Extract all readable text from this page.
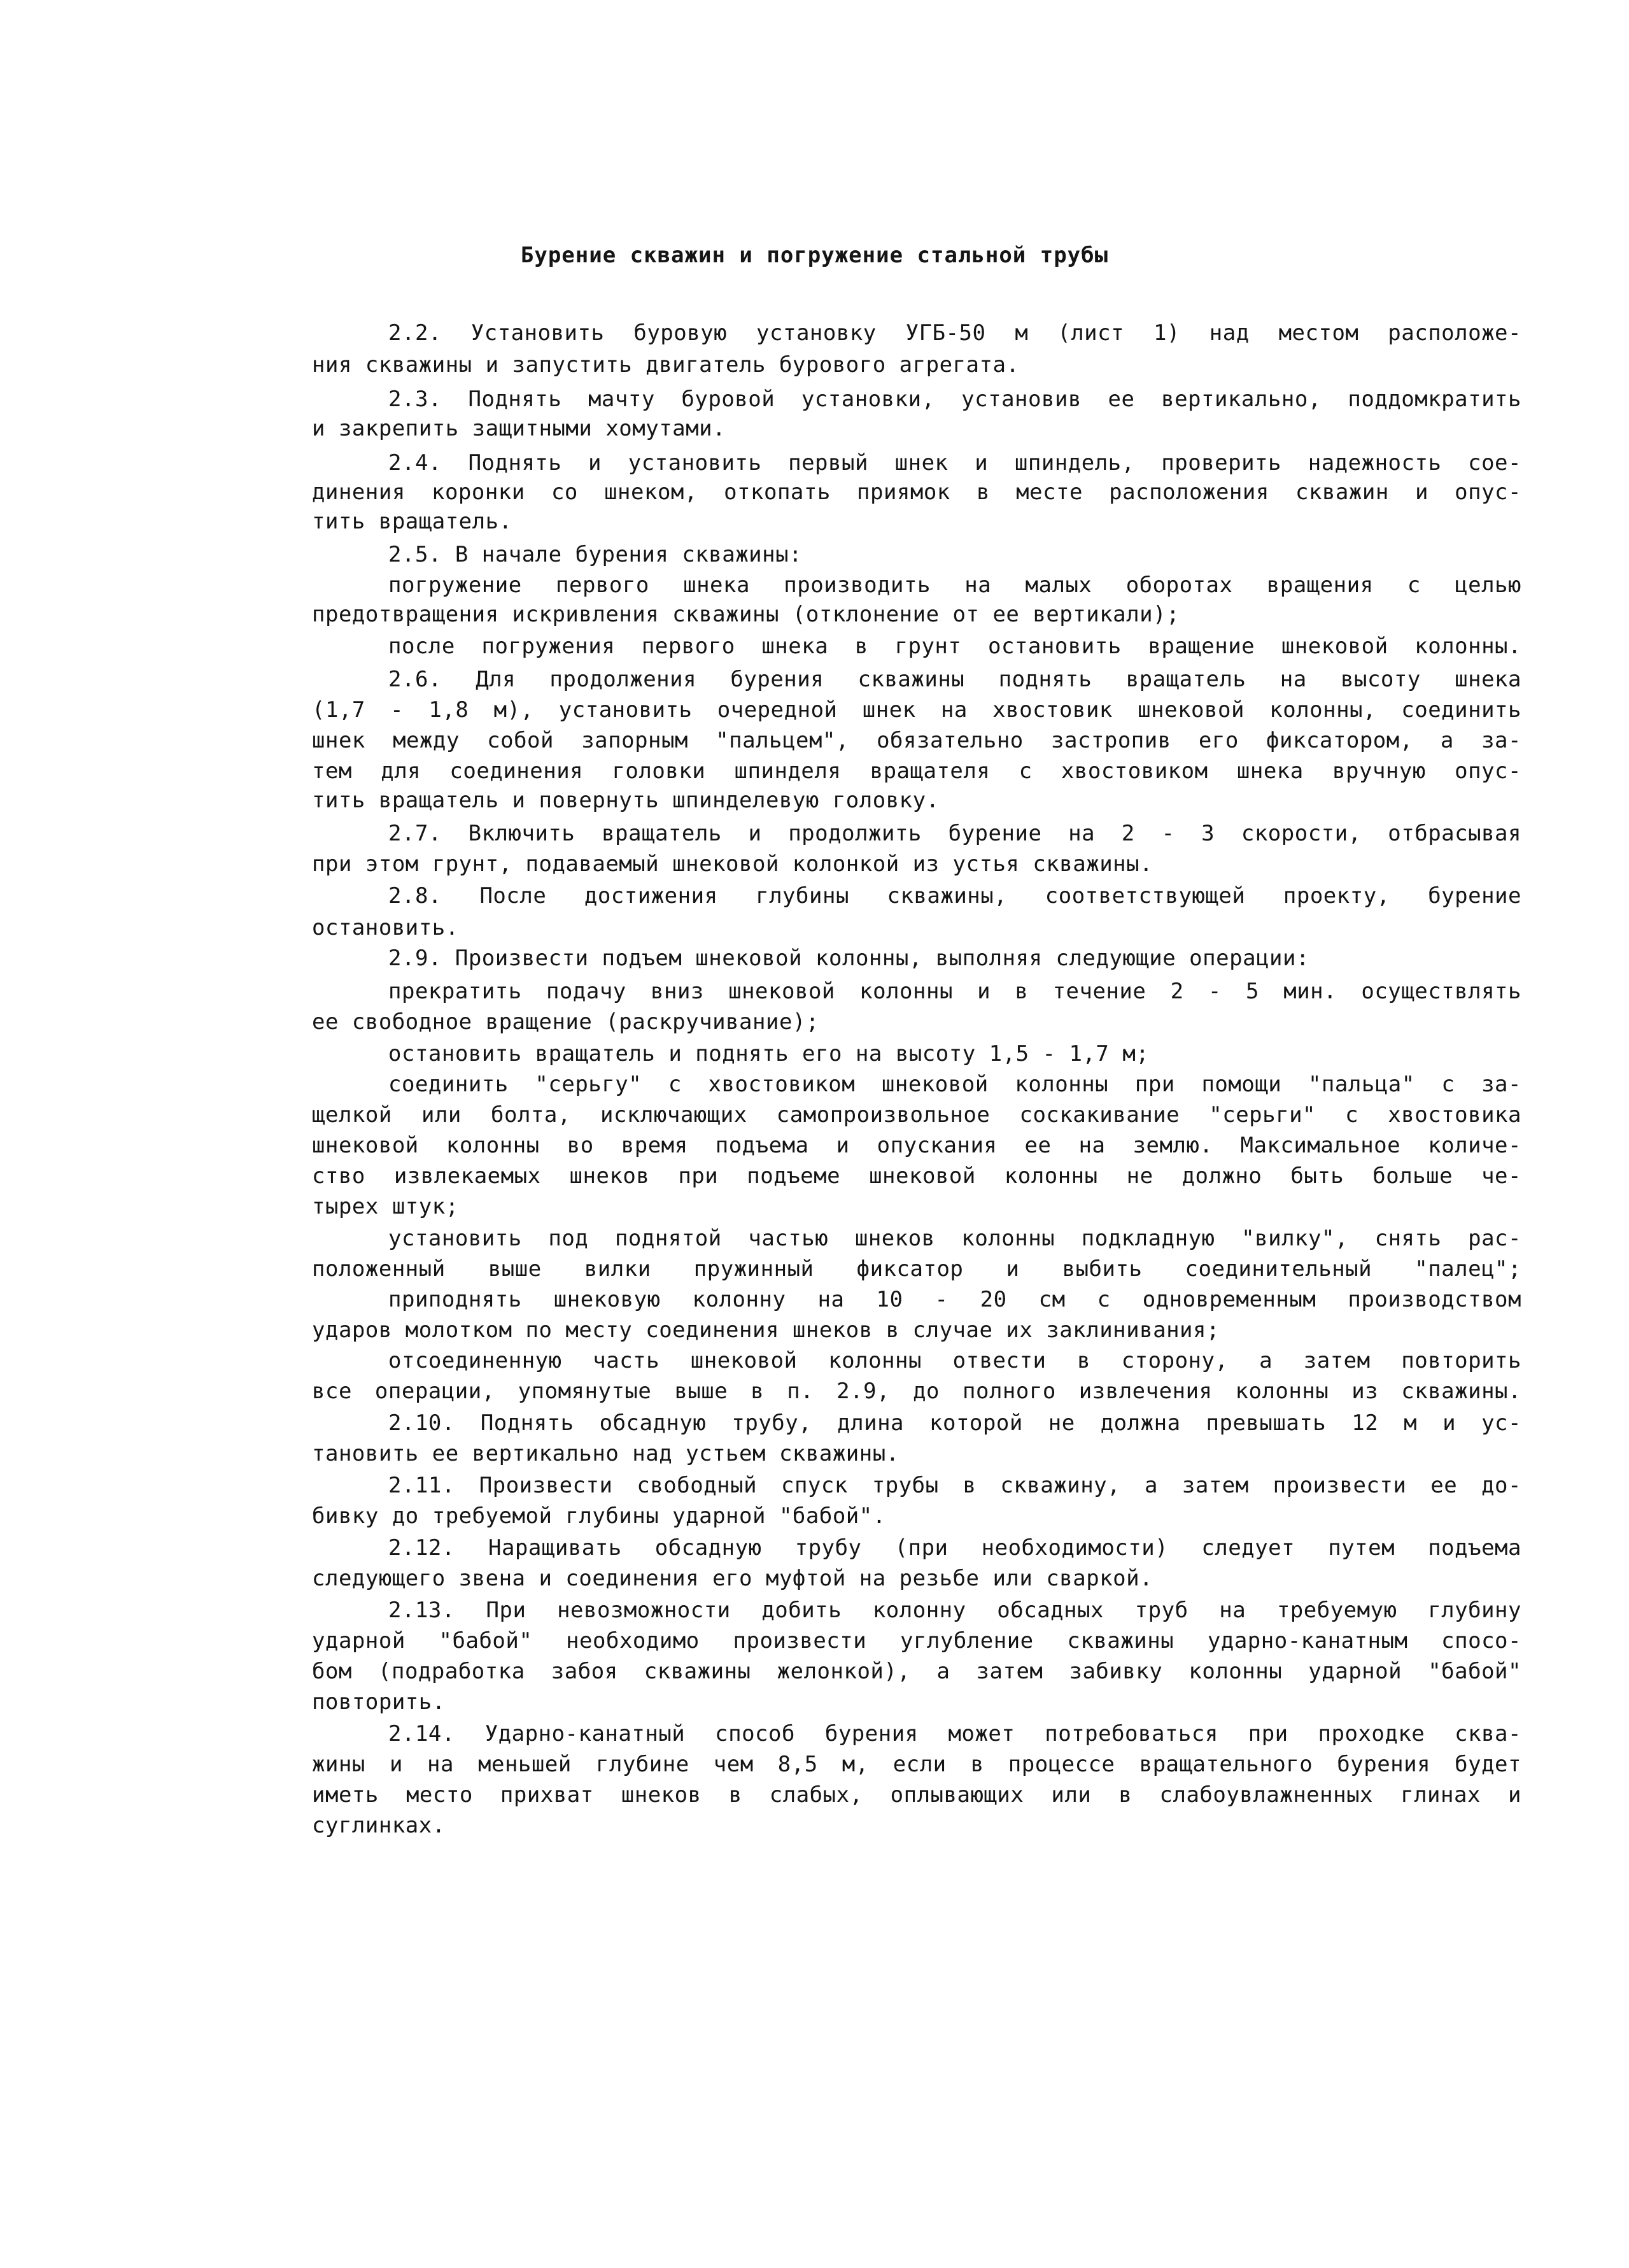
Бурение скважин и погружение стальной трубы
2.2. Установить буровую установку УГБ-50 м (лист 1) над местом расположе-
ния скважины и запустить двигатель бурового агрегата.
2.3. Поднять мачту буровой установки, установив ее вертикально, поддомкратить
и закрепить защитными хомутами.
2.4. Поднять и установить первый шнек и шпиндель, проверить надежность сое-
динения коронки со шнеком, откопать приямок в месте расположения скважин и опус-
тить вращатель.
2.5. В начале бурения скважины:
погружение первого шнека производить на малых оборотах вращения с целью
предотвращения искривления скважины (отклонение от ее вертикали);
после погружения первого шнека в грунт остановить вращение шнековой колонны.
2.6. Для продолжения бурения скважины поднять вращатель на высоту шнека
(1,7 - 1,8 м), установить очередной шнек на хвостовик шнековой колонны, соединить
шнек между собой запорным "пальцем", обязательно застропив его фиксатором, а за-
тем для соединения головки шпинделя вращателя с хвостовиком шнека вручную опус-
тить вращатель и повернуть шпинделевую головку.
2.7. Включить вращатель и продолжить бурение на 2 - 3 скорости, отбрасывая
при этом грунт, подаваемый шнековой колонкой из устья скважины.
2.8. После достижения глубины скважины, соответствующей проекту, бурение
остановить.
2.9. Произвести подъем шнековой колонны, выполняя следующие операции:
прекратить подачу вниз шнековой колонны и в течение 2 - 5 мин. осуществлять
ее свободное вращение (раскручивание);
остановить вращатель и поднять его на высоту 1,5 - 1,7 м;
соединить "серьгу" с хвостовиком шнековой колонны при помощи "пальца" с за-
щелкой или болта, исключающих самопроизвольное соскакивание "серьги" с хвостовика
шнековой колонны во время подъема и опускания ее на землю. Максимальное количе-
ство извлекаемых шнеков при подъеме шнековой колонны не должно быть больше че-
тырех штук;
установить под поднятой частью шнеков колонны подкладную "вилку", снять рас-
положенный выше вилки пружинный фиксатор и выбить соединительный "палец";
приподнять шнековую колонну на 10 - 20 см с одновременным производством
ударов молотком по месту соединения шнеков в случае их заклинивания;
отсоединенную часть шнековой колонны отвести в сторону, а затем повторить
все операции, упомянутые выше в п. 2.9, до полного извлечения колонны из скважины.
2.10. Поднять обсадную трубу, длина которой не должна превышать 12 м и ус-
тановить ее вертикально над устьем скважины.
2.11. Произвести свободный спуск трубы в скважину, а затем произвести ее до-
бивку до требуемой глубины ударной "бабой".
2.12. Наращивать обсадную трубу (при необходимости) следует путем подъема
следующего звена и соединения его муфтой на резьбе или сваркой.
2.13. При невозможности добить колонну обсадных труб на требуемую глубину
ударной "бабой" необходимо произвести углубление скважины ударно-канатным спосо-
бом (подработка забоя скважины желонкой), а затем забивку колонны ударной "бабой"
повторить.
2.14. Ударно-канатный способ бурения может потребоваться при проходке сква-
жины и на меньшей глубине чем 8,5 м, если в процессе вращательного бурения будет
иметь место прихват шнеков в слабых, оплывающих или в слабоувлажненных глинах и
суглинках.
